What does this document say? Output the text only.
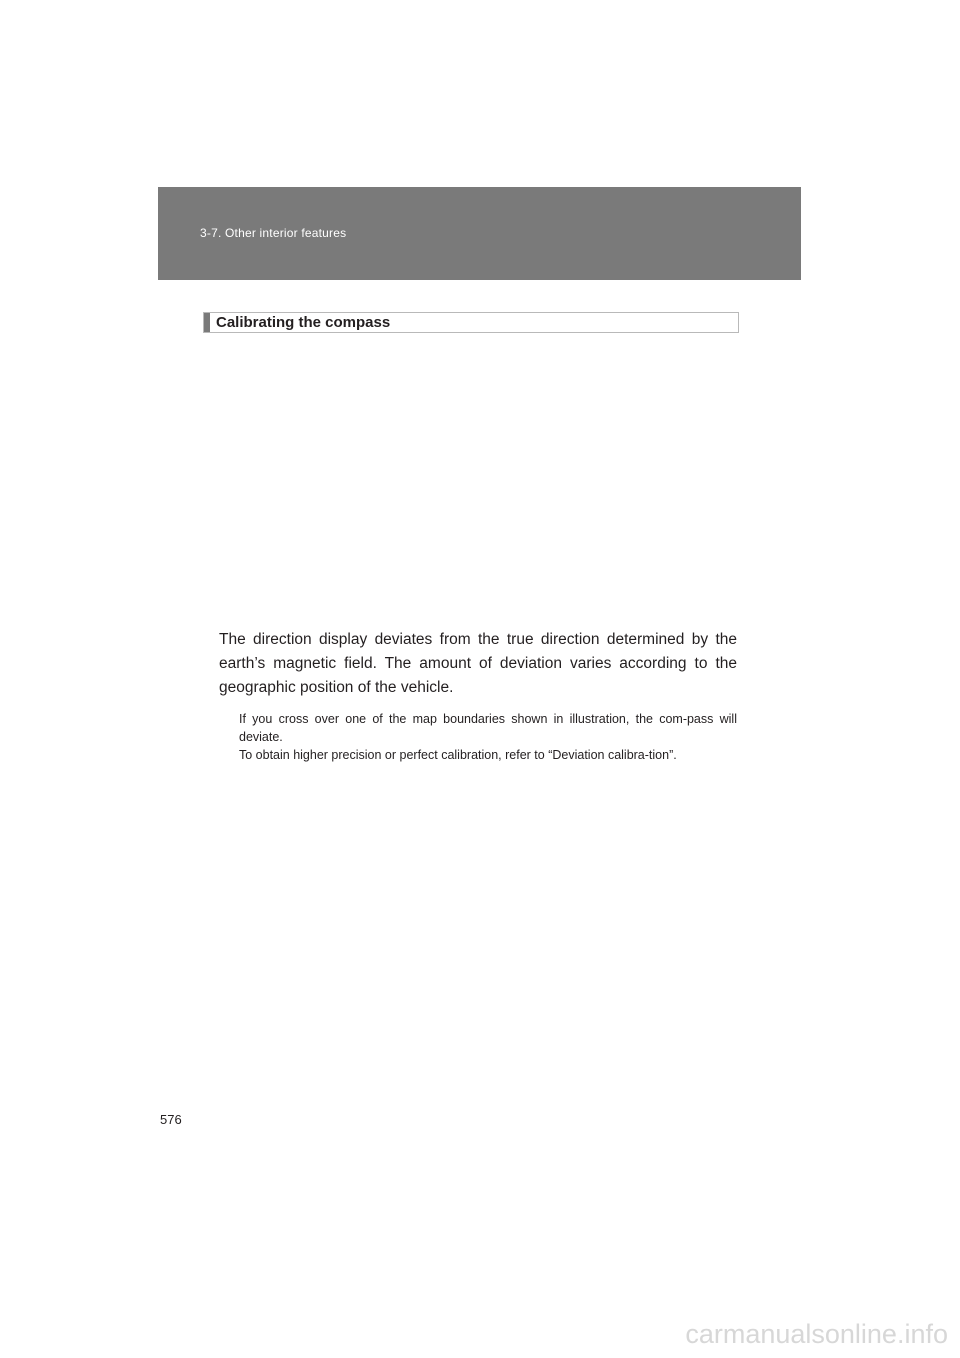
3-7. Other interior features
Calibrating the compass

The direction display deviates from the true direction determined by the earth’s magnetic field. The amount of deviation varies according to the geographic position of the vehicle.

If you cross over one of the map boundaries shown in illustration, the com-pass will deviate.
To obtain higher precision or perfect calibration, refer to “Deviation calibra-tion”.
576
carmanualsonline.info
